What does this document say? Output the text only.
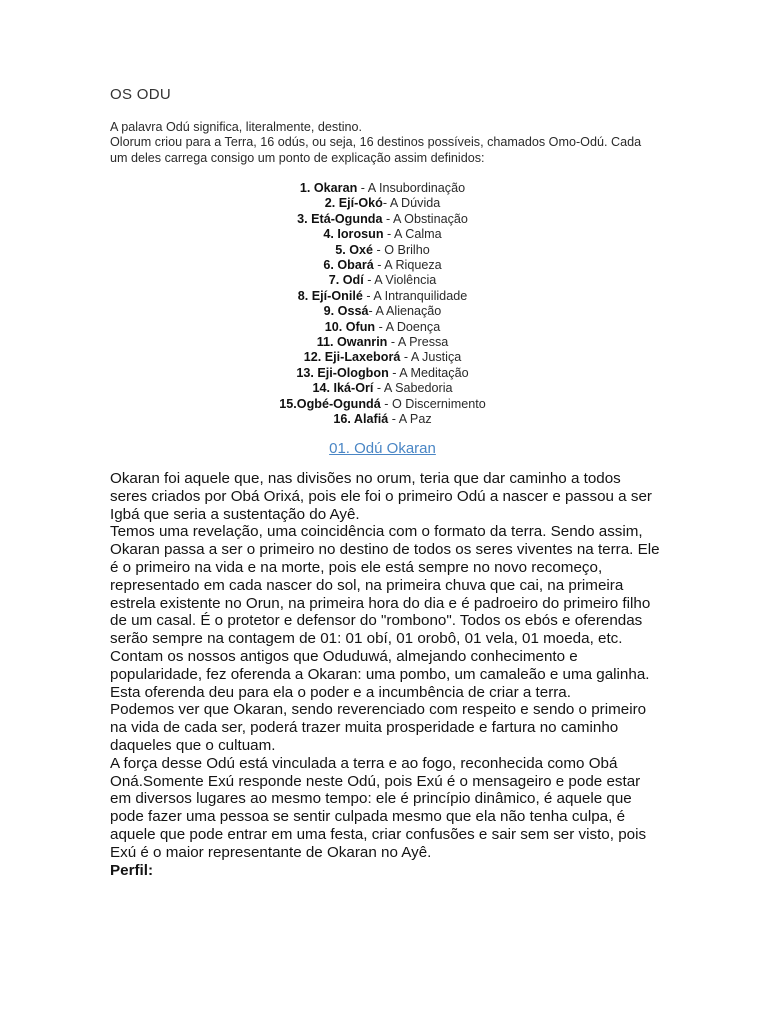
OS ODU

A palavra Odú significa, literalmente, destino.

Olorum criou para a Terra, 16 odús, ou seja, 16 destinos possíveis, chamados Omo-Odú. Cada um deles carrega consigo um ponto de explicação assim definidos:

1. Okaran - A Insubordinação
2. Ejí-Okó- A Dúvida
3. Etá-Ogunda - A Obstinação
4. Iorosun - A Calma
5. Oxé - O Brilho
6. Obará - A Riqueza
7. Odí - A Violência
8. Ejí-Onilé - A Intranquilidade
9. Ossá- A Alienação
10. Ofun - A Doença
11. Owanrin - A Pressa
12. Eji-Laxeborá - A Justiça
13. Eji-Ologbon - A Meditação
14. Iká-Orí - A Sabedoria
15.Ogbé-Ogundá - O Discernimento
16. Alafiá - A Paz
01. Odú Okaran

Okaran foi aquele que, nas divisões no orum, teria que dar caminho a todos seres criados por Obá Orixá, pois ele foi o primeiro Odú a nascer e passou a ser Igbá que seria a sustentação do Ayê.

Temos uma revelação, uma coincidência com o formato da terra. Sendo assim, Okaran passa a ser o primeiro no destino de todos os seres viventes na terra. Ele é o primeiro na vida e na morte, pois ele está sempre no novo recomeço, representado em cada nascer do sol, na primeira chuva que cai, na primeira estrela existente no Orun, na primeira hora do dia e é padroeiro do primeiro filho de um casal. É o protetor e defensor do "rombono". Todos os ebós e oferendas serão sempre na contagem de 01: 01 obí, 01 orobô, 01 vela, 01 moeda, etc.

Contam os nossos antigos que Oduduwá, almejando conhecimento e popularidade, fez oferenda a Okaran: uma pombo, um camaleão e uma galinha. Esta oferenda deu para ela o poder e a incumbência de criar a terra.

Podemos ver que Okaran, sendo reverenciado com respeito e sendo o primeiro na vida de cada ser, poderá trazer muita prosperidade e fartura no caminho daqueles que o cultuam.

A força desse Odú está vinculada a terra e ao fogo, reconhecida como Obá Oná.Somente Exú responde neste Odú, pois Exú é o mensageiro e pode estar em diversos lugares ao mesmo tempo: ele é princípio dinâmico, é aquele que pode fazer uma pessoa se sentir culpada mesmo que ela não tenha culpa, é aquele que pode entrar em uma festa, criar confusões e sair sem ser visto, pois Exú é o maior representante de Okaran no Ayê.

Perfil:
